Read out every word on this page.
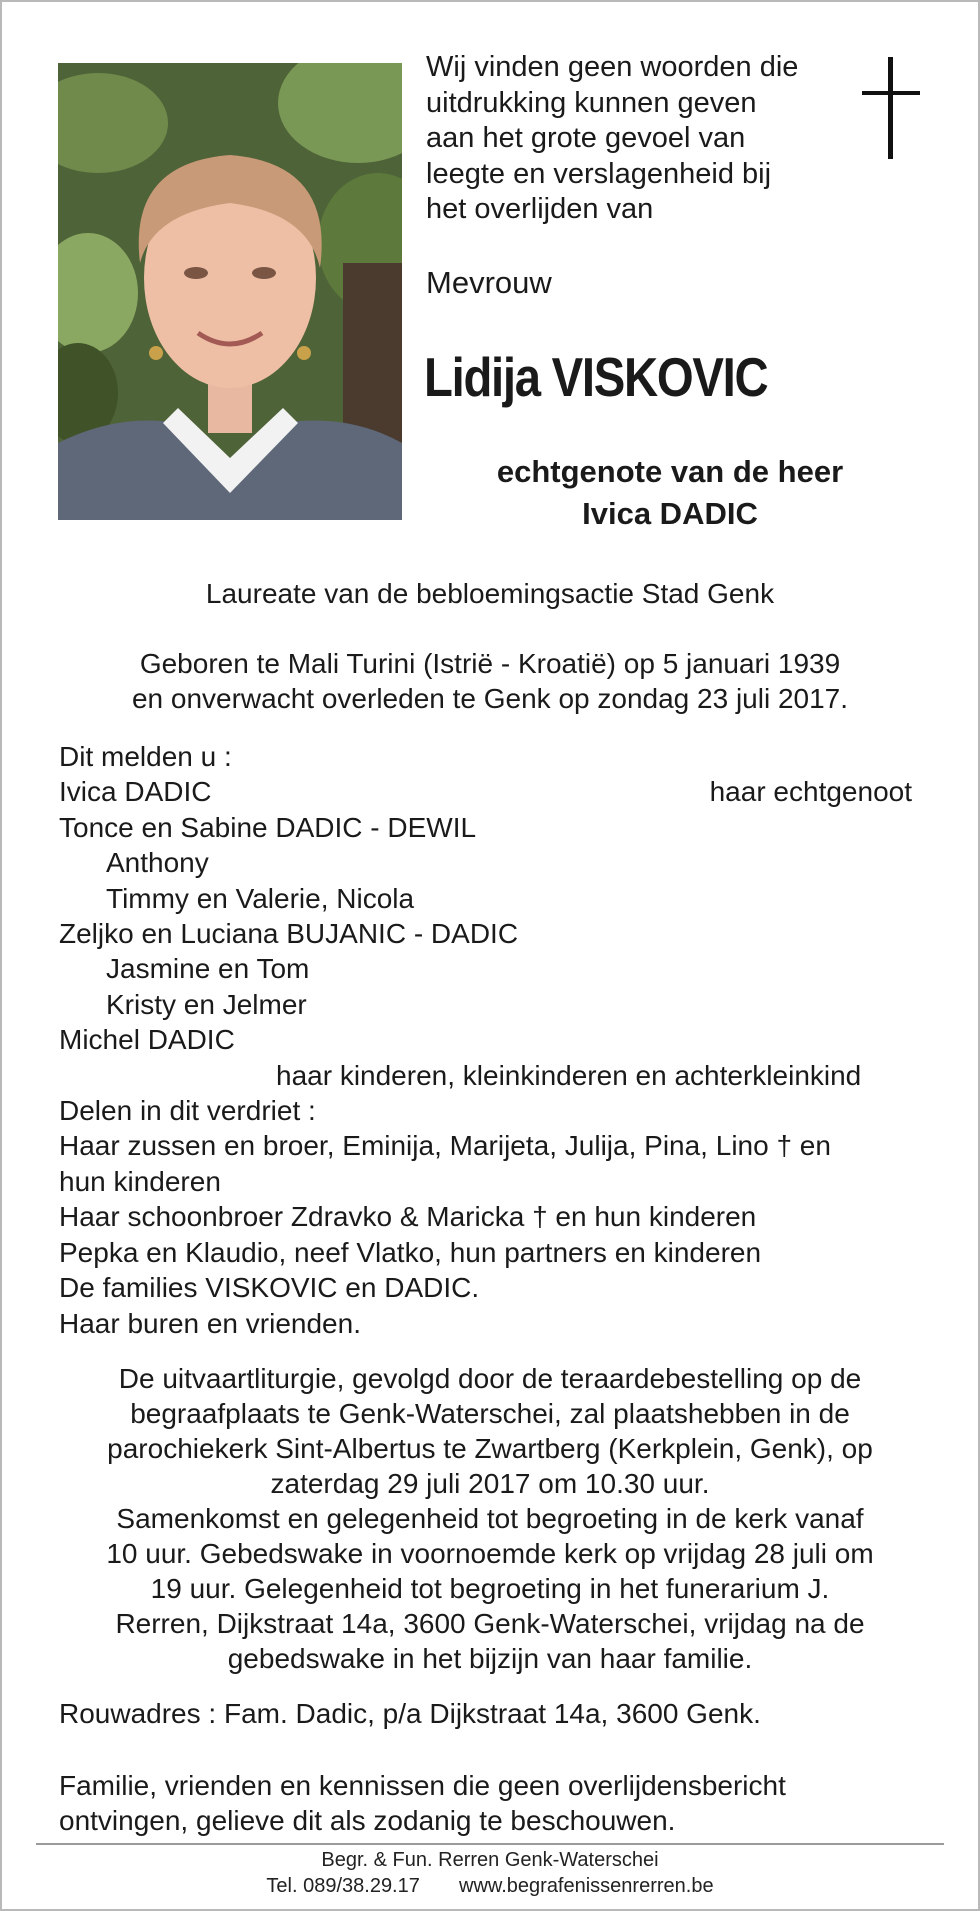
Wij vinden geen woorden die

uitdrukking kunnen geven

aan het grote gevoel van

leegte en verslagenheid bij

het overlijden van

Mevrouw
Lidija VISKOVIC
echtgenote van de heer
Ivica DADIC
Laureate van de bebloemingsactie Stad Genk
Geboren te Mali Turini (Istrië - Kroatië) op 5 januari 1939
en onverwacht overleden te Genk op zondag 23 juli 2017.
Dit melden u :
Ivica DADIC	haar echtgenoot
Tonce en Sabine DADIC - DEWIL
Anthony
Timmy en Valerie, Nicola
Zeljko en Luciana BUJANIC - DADIC
Jasmine en Tom
Kristy en Jelmer
Michel DADIC
haar kinderen, kleinkinderen en achterkleinkind
Delen in dit verdriet :
Haar zussen en broer, Eminija, Marijeta, Julija, Pina, Lino † en
hun kinderen
Haar schoonbroer Zdravko & Maricka † en hun kinderen
Pepka en Klaudio, neef Vlatko, hun partners en kinderen
De families VISKOVIC en DADIC.
Haar buren en vrienden.
De uitvaartliturgie, gevolgd door de teraardebestelling op de
begraafplaats te Genk-Waterschei, zal plaatshebben in de
parochiekerk Sint-Albertus te Zwartberg (Kerkplein, Genk), op
zaterdag 29 juli 2017 om 10.30 uur.
Samenkomst en gelegenheid tot begroeting in de kerk vanaf
10 uur. Gebedswake in voornoemde kerk op vrijdag 28 juli om
19 uur. Gelegenheid tot begroeting in het funerarium J.
Rerren, Dijkstraat 14a, 3600 Genk-Waterschei, vrijdag na de
gebedswake in het bijzijn van haar familie.
Rouwadres : Fam. Dadic, p/a Dijkstraat 14a, 3600 Genk.
Familie, vrienden en kennissen die geen overlijdensbericht
ontvingen, gelieve dit als zodanig te beschouwen.
Begr. & Fun. Rerren Genk-Waterschei
Tel. 089/38.29.17 www.begrafenissenrerren.be
